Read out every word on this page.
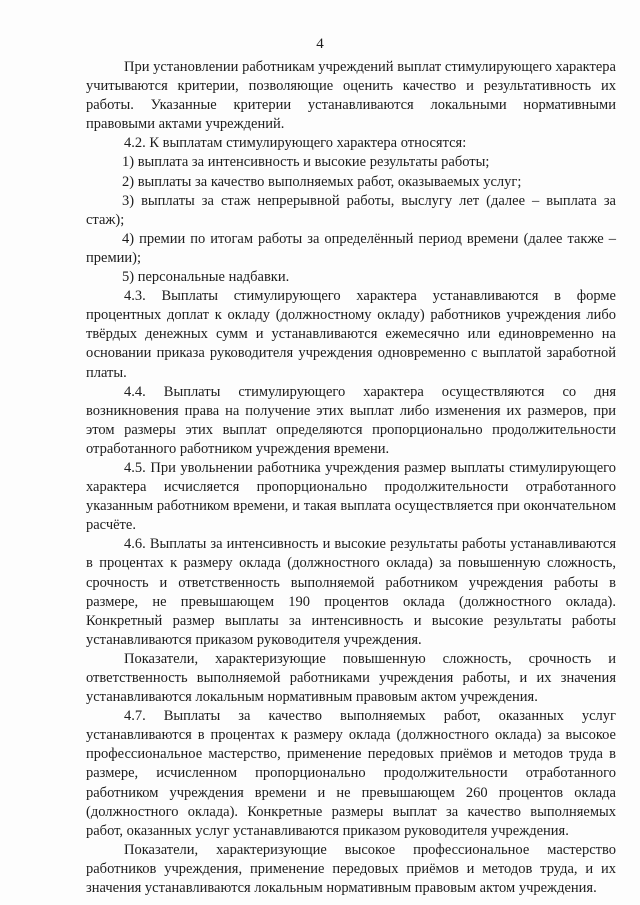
4

При установлении работникам учреждений выплат стимулирующего характера учитываются критерии, позволяющие оценить качество и результативность их работы. Указанные критерии устанавливаются локальными нормативными правовыми актами учреждений.

4.2. К выплатам стимулирующего характера относятся:

1) выплата за интенсивность и высокие результаты работы;

2) выплаты за качество выполняемых работ, оказываемых услуг;

3) выплаты за стаж непрерывной работы, выслугу лет (далее – выплата за стаж);

4) премии по итогам работы за определённый период времени (далее также – премии);

5) персональные надбавки.

4.3. Выплаты стимулирующего характера устанавливаются в форме процентных доплат к окладу (должностному окладу) работников учреждения либо твёрдых денежных сумм и устанавливаются ежемесячно или единовременно на основании приказа руководителя учреждения одновременно с выплатой заработной платы.

4.4. Выплаты стимулирующего характера осуществляются со дня возникновения права на получение этих выплат либо изменения их размеров, при этом размеры этих выплат определяются пропорционально продолжительности отработанного работником учреждения времени.

4.5. При увольнении работника учреждения размер выплаты стимулирующего характера исчисляется пропорционально продолжительности отработанного указанным работником времени, и такая выплата осуществляется при окончательном расчёте.

4.6. Выплаты за интенсивность и высокие результаты работы устанавливаются в процентах к размеру оклада (должностного оклада) за повышенную сложность, срочность и ответственность выполняемой работником учреждения работы в размере, не превышающем 190 процентов оклада (должностного оклада). Конкретный размер выплаты за интенсивность и высокие результаты работы устанавливаются приказом руководителя учреждения.

Показатели, характеризующие повышенную сложность, срочность и ответственность выполняемой работниками учреждения работы, и их значения устанавливаются локальным нормативным правовым актом учреждения.

4.7. Выплаты за качество выполняемых работ, оказанных услуг устанавливаются в процентах к размеру оклада (должностного оклада) за высокое профессиональное мастерство, применение передовых приёмов и методов труда в размере, исчисленном пропорционально продолжительности отработанного работником учреждения времени и не превышающем 260 процентов оклада (должностного оклада). Конкретные размеры выплат за качество выполняемых работ, оказанных услуг устанавливаются приказом руководителя учреждения.

Показатели, характеризующие высокое профессиональное мастерство работников учреждения, применение передовых приёмов и методов труда, и их значения устанавливаются локальным нормативным правовым актом учреждения.
